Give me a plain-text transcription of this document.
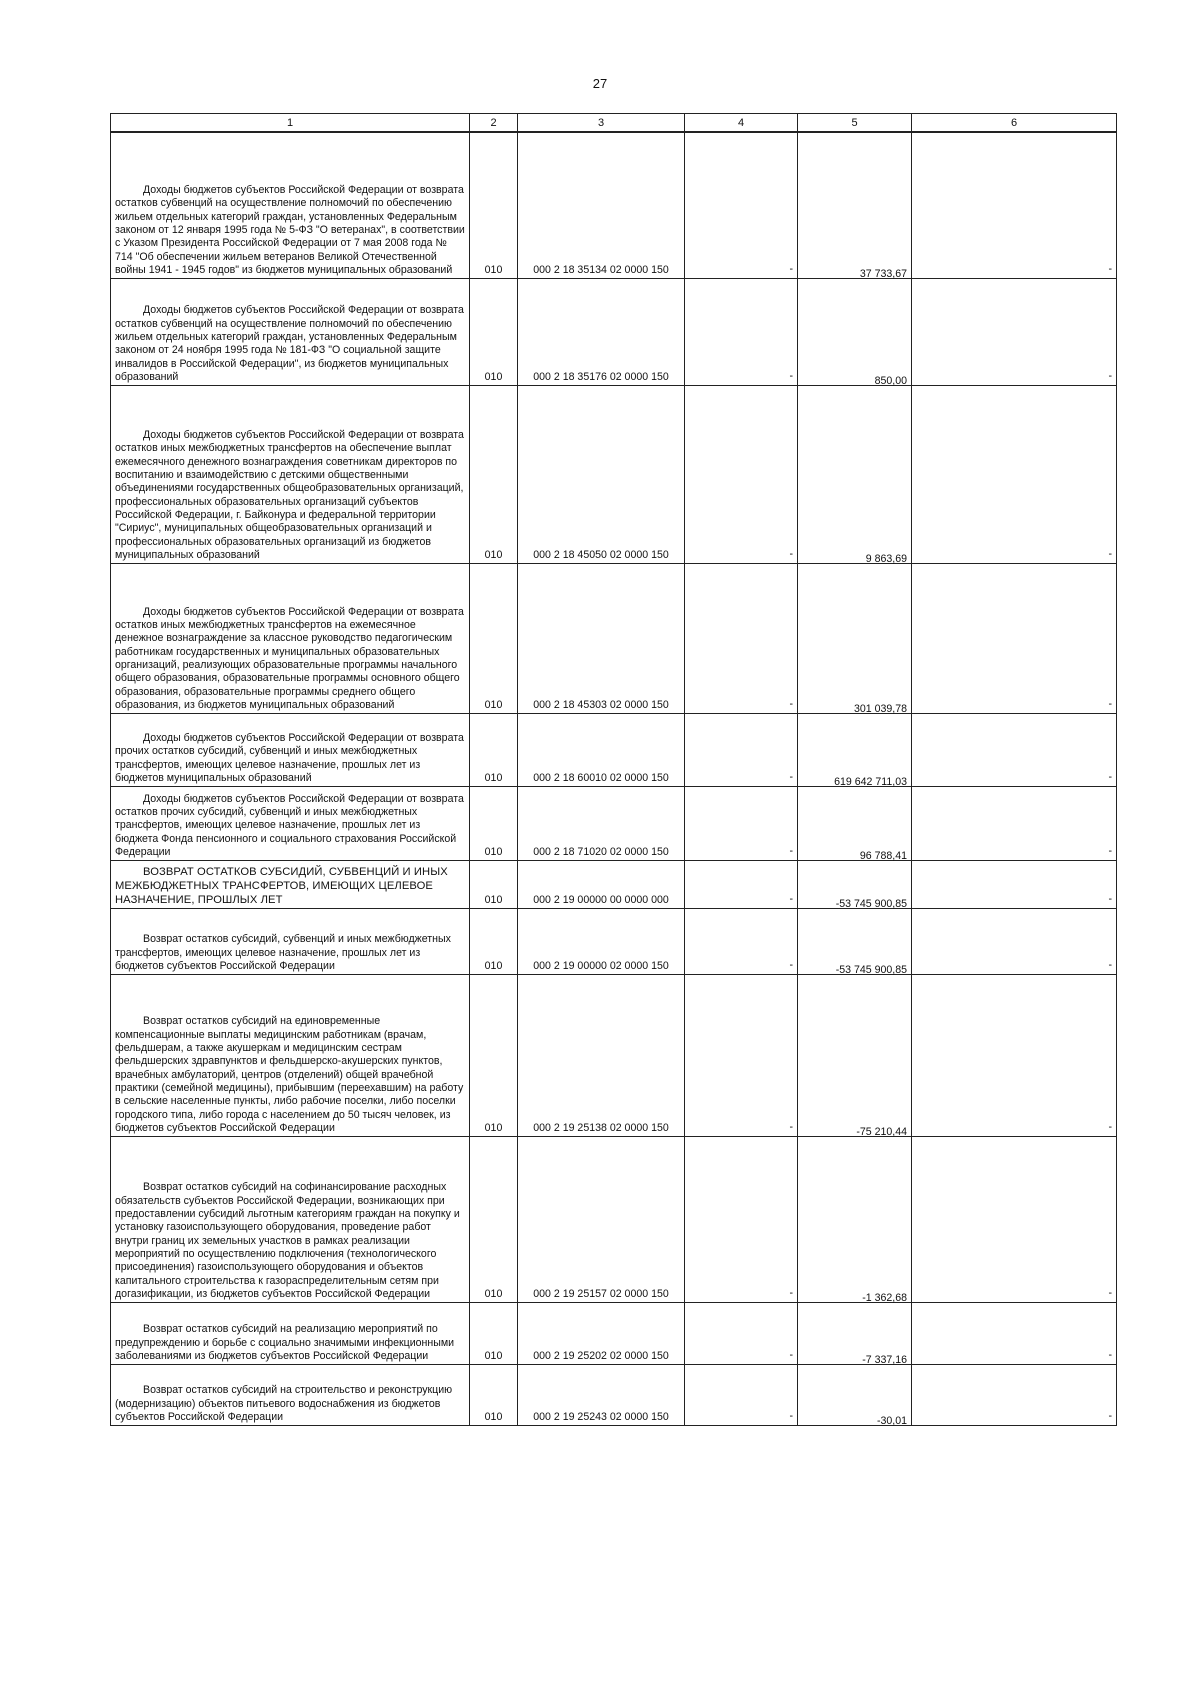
27
1	2	3	4	5	6
Доходы бюджетов субъектов Российской Федерации от возврата остатков субвенций на осуществление полномочий по обеспечению жильем отдельных категорий граждан, установленных Федеральным законом от 12 января 1995 года № 5-ФЗ "О ветеранах", в соответствии с Указом Президента Российской Федерации от 7 мая 2008 года № 714 "Об обеспечении жильем ветеранов Великой Отечественной войны 1941 - 1945 годов" из бюджетов муниципальных образований	010	000 2 18 35134 02 0000 150	-	37 733,67	-
Доходы бюджетов субъектов Российской Федерации от возврата остатков субвенций на осуществление полномочий по обеспечению жильем отдельных категорий граждан, установленных Федеральным законом от 24 ноября 1995 года № 181-ФЗ "О социальной защите инвалидов в Российской Федерации", из бюджетов муниципальных образований	010	000 2 18 35176 02 0000 150	-	850,00	-
Доходы бюджетов субъектов Российской Федерации от возврата остатков иных межбюджетных трансфертов на обеспечение выплат ежемесячного денежного вознаграждения советникам директоров по воспитанию и взаимодействию с детскими общественными объединениями государственных общеобразовательных организаций, профессиональных образовательных организаций субъектов Российской Федерации, г. Байконура и федеральной территории "Сириус", муниципальных общеобразовательных организаций и профессиональных образовательных организаций из бюджетов муниципальных образований	010	000 2 18 45050 02 0000 150	-	9 863,69	-
Доходы бюджетов субъектов Российской Федерации от возврата остатков иных межбюджетных трансфертов на ежемесячное денежное вознаграждение за классное руководство педагогическим работникам государственных и муниципальных образовательных организаций, реализующих образовательные программы начального общего образования, образовательные программы основного общего образования, образовательные программы среднего общего образования, из бюджетов муниципальных образований	010	000 2 18 45303 02 0000 150	-	301 039,78	-
Доходы бюджетов субъектов Российской Федерации от возврата прочих остатков субсидий, субвенций и иных межбюджетных трансфертов, имеющих целевое назначение, прошлых лет из бюджетов муниципальных образований	010	000 2 18 60010 02 0000 150	-	619 642 711,03	-
Доходы бюджетов субъектов Российской Федерации от возврата остатков прочих субсидий, субвенций и иных межбюджетных трансфертов, имеющих целевое назначение, прошлых лет из бюджета Фонда пенсионного и социального страхования Российской Федерации	010	000 2 18 71020 02 0000 150	-	96 788,41	-
ВОЗВРАТ ОСТАТКОВ СУБСИДИЙ, СУБВЕНЦИЙ И ИНЫХ МЕЖБЮДЖЕТНЫХ ТРАНСФЕРТОВ, ИМЕЮЩИХ ЦЕЛЕВОЕ НАЗНАЧЕНИЕ, ПРОШЛЫХ ЛЕТ	010	000 2 19 00000 00 0000 000	-	-53 745 900,85	-
Возврат остатков субсидий, субвенций и иных межбюджетных трансфертов, имеющих целевое назначение, прошлых лет из бюджетов субъектов Российской Федерации	010	000 2 19 00000 02 0000 150	-	-53 745 900,85	-
Возврат остатков субсидий на единовременные компенсационные выплаты медицинским работникам (врачам, фельдшерам, а также акушеркам и медицинским сестрам фельдшерских здравпунктов и фельдшерско-акушерских пунктов, врачебных амбулаторий, центров (отделений) общей врачебной практики (семейной медицины), прибывшим (переехавшим) на работу в сельские населенные пункты, либо рабочие поселки, либо поселки городского типа, либо города с населением до 50 тысяч человек, из бюджетов субъектов Российской Федерации	010	000 2 19 25138 02 0000 150	-	-75 210,44	-
Возврат остатков субсидий на софинансирование расходных обязательств субъектов Российской Федерации, возникающих при предоставлении субсидий льготным категориям граждан на покупку и установку газоиспользующего оборудования, проведение работ внутри границ их земельных участков в рамках реализации мероприятий по осуществлению подключения (технологического присоединения) газоиспользующего оборудования и объектов капитального строительства к газораспределительным сетям при догазификации, из бюджетов субъектов Российской Федерации	010	000 2 19 25157 02 0000 150	-	-1 362,68	-
Возврат остатков субсидий на реализацию мероприятий по предупреждению и борьбе с социально значимыми инфекционными заболеваниями из бюджетов субъектов Российской Федерации	010	000 2 19 25202 02 0000 150	-	-7 337,16	-
Возврат остатков субсидий на строительство и реконструкцию (модернизацию) объектов питьевого водоснабжения из бюджетов субъектов Российской Федерации	010	000 2 19 25243 02 0000 150	-	-30,01	-
